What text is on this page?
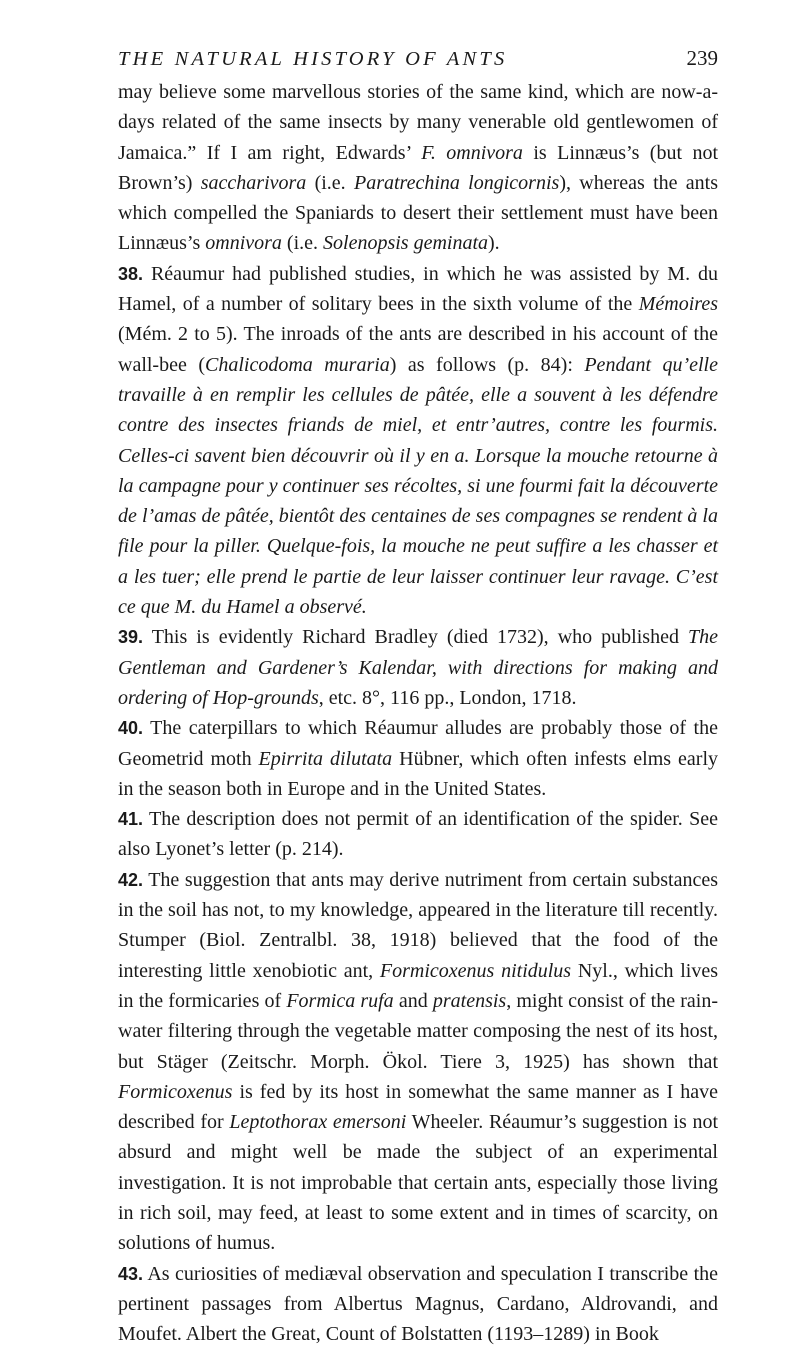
THE NATURAL HISTORY OF ANTS	239

may believe some marvellous stories of the same kind, which are now-a-days related of the same insects by many venerable old gentlewomen of Jamaica.” If I am right, Edwards’ F. omnivora is Linnæus’s (but not Brown’s) saccharivora (i.e. Paratrechina longicornis), whereas the ants which compelled the Spaniards to desert their settlement must have been Linnæus’s omnivora (i.e. Solenopsis geminata).

38. Réaumur had published studies, in which he was assisted by M. du Hamel, of a number of solitary bees in the sixth volume of the Mémoires (Mém. 2 to 5). The inroads of the ants are described in his account of the wall-bee (Chalicodoma muraria) as follows (p. 84): Pendant qu’elle travaille à en remplir les cellules de pâtée, elle a souvent à les défendre contre des insectes friands de miel, et entr’autres, contre les fourmis. Celles-ci savent bien découvrir où il y en a. Lorsque la mouche retourne à la campagne pour y continuer ses récoltes, si une fourmi fait la découverte de l’amas de pâtée, bientôt des centaines de ses compagnes se rendent à la file pour la piller. Quelque-fois, la mouche ne peut suffire a les chasser et a les tuer; elle prend le partie de leur laisser continuer leur ravage. C’est ce que M. du Hamel a observé.

39. This is evidently Richard Bradley (died 1732), who published The Gentleman and Gardener’s Kalendar, with directions for making and ordering of Hop-grounds, etc. 8°, 116 pp., London, 1718.

40. The caterpillars to which Réaumur alludes are probably those of the Geometrid moth Epirrita dilutata Hübner, which often infests elms early in the season both in Europe and in the United States.

41. The description does not permit of an identification of the spider. See also Lyonet’s letter (p. 214).

42. The suggestion that ants may derive nutriment from certain substances in the soil has not, to my knowledge, appeared in the literature till recently. Stumper (Biol. Zentralbl. 38, 1918) believed that the food of the interesting little xenobiotic ant, Formicoxenus nitidulus Nyl., which lives in the formicaries of Formica rufa and pratensis, might consist of the rain-water filtering through the vegetable matter composing the nest of its host, but Stäger (Zeitschr. Morph. Ökol. Tiere 3, 1925) has shown that Formicoxenus is fed by its host in somewhat the same manner as I have described for Leptothorax emersoni Wheeler. Réaumur’s suggestion is not absurd and might well be made the subject of an experimental investigation. It is not improbable that certain ants, especially those living in rich soil, may feed, at least to some extent and in times of scarcity, on solutions of humus.

43. As curiosities of mediæval observation and speculation I transcribe the pertinent passages from Albertus Magnus, Cardano, Aldrovandi, and Moufet. Albert the Great, Count of Bolstatten (1193–1289) in Book
